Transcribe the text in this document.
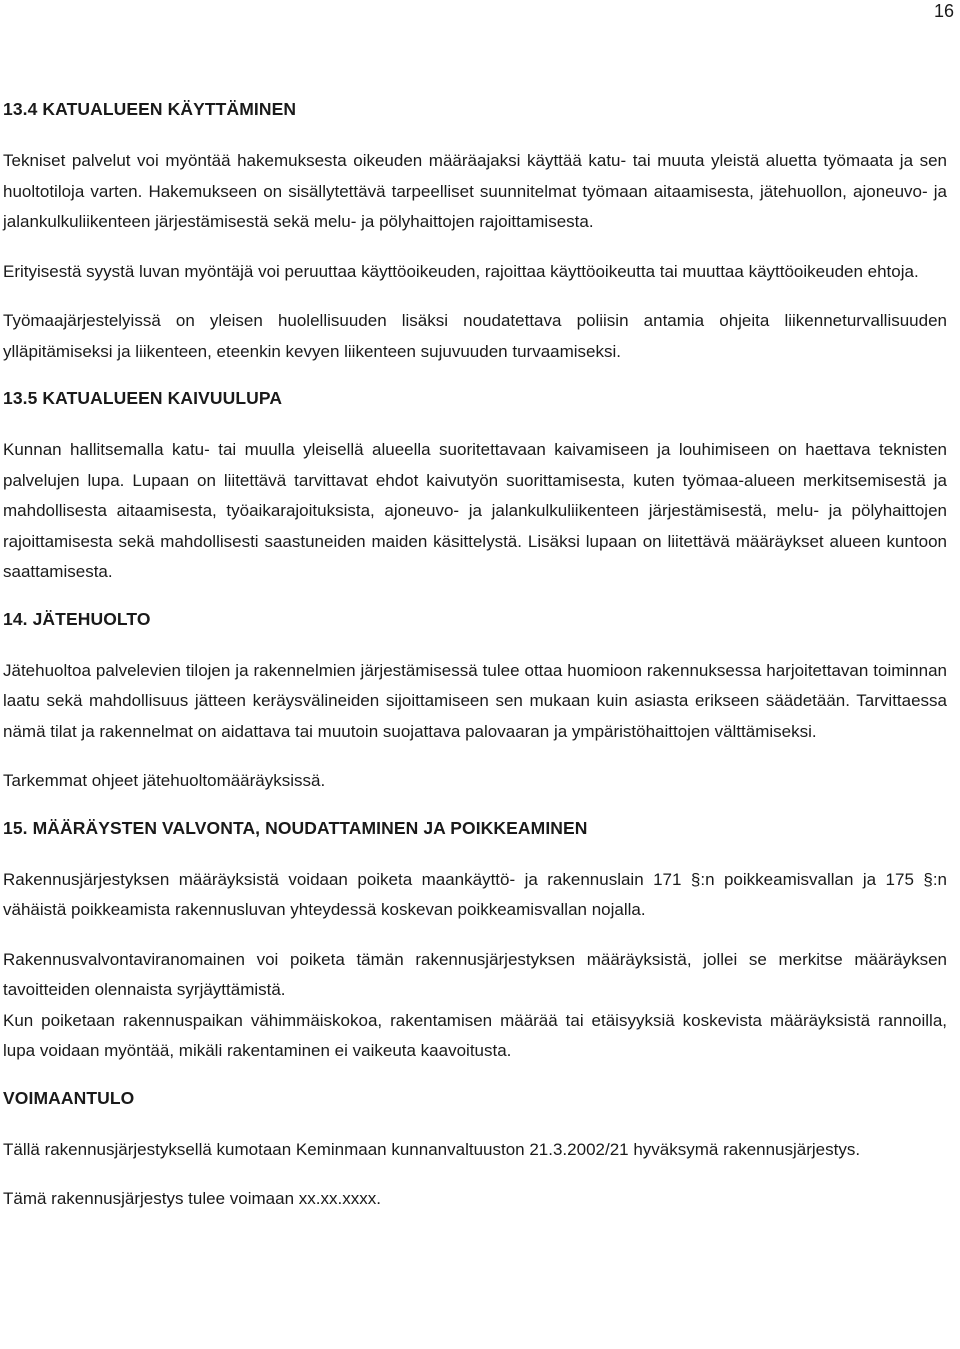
16
13.4 KATUALUEEN KÄYTTÄMINEN

Tekniset palvelut voi myöntää hakemuksesta oikeuden määräajaksi käyttää katu- tai muuta yleistä aluetta työmaata ja sen huoltotiloja varten. Hakemukseen on sisällytettävä tarpeelliset suunnitelmat työmaan aitaamisesta, jätehuollon, ajoneuvo- ja jalankulkuliikenteen järjestämisestä sekä melu- ja pölyhaittojen rajoittamisesta.

Erityisestä syystä luvan myöntäjä voi peruuttaa käyttöoikeuden, rajoittaa käyttöoikeutta tai muuttaa käyttöoikeuden ehtoja.

Työmaajärjestelyissä on yleisen huolellisuuden lisäksi noudatettava poliisin antamia ohjeita liikenneturvallisuuden ylläpitämiseksi ja liikenteen, eteenkin kevyen liikenteen sujuvuuden turvaamiseksi.

13.5 KATUALUEEN KAIVUULUPA

Kunnan hallitsemalla katu- tai muulla yleisellä alueella suoritettavaan kaivamiseen ja louhimiseen on haettava teknisten palvelujen lupa. Lupaan on liitettävä tarvittavat ehdot kaivutyön suorittamisesta, kuten työmaa-alueen merkitsemisestä ja mahdollisesta aitaamisesta, työaikarajoituksista, ajoneuvo- ja jalankulkuliikenteen järjestämisestä, melu- ja pölyhaittojen rajoittamisesta sekä mahdollisesti saastuneiden maiden käsittelystä. Lisäksi lupaan on liitettävä määräykset alueen kuntoon saattamisesta.

14. JÄTEHUOLTO

Jätehuoltoa palvelevien tilojen ja rakennelmien järjestämisessä tulee ottaa huomioon rakennuksessa harjoitettavan toiminnan laatu sekä mahdollisuus jätteen keräysvälineiden sijoittamiseen sen mukaan kuin asiasta erikseen säädetään. Tarvittaessa nämä tilat ja rakennelmat on aidattava tai muutoin suojattava palovaaran ja ympäristöhaittojen välttämiseksi.

Tarkemmat ohjeet jätehuoltomääräyksissä.

15. MÄÄRÄYSTEN VALVONTA, NOUDATTAMINEN JA POIKKEAMINEN

Rakennusjärjestyksen määräyksistä voidaan poiketa maankäyttö- ja rakennuslain 171 §:n poikkeamisvallan ja 175 §:n vähäistä poikkeamista rakennusluvan yhteydessä koskevan poikkeamisvallan nojalla.

Rakennusvalvontaviranomainen voi poiketa tämän rakennusjärjestyksen määräyksistä, jollei se merkitse määräyksen tavoitteiden olennaista syrjäyttämistä.

Kun poiketaan rakennuspaikan vähimmäiskokoa, rakentamisen määrää tai etäisyyksiä koskevista määräyksistä rannoilla, lupa voidaan myöntää, mikäli rakentaminen ei vaikeuta kaavoitusta.

VOIMAANTULO

Tällä rakennusjärjestyksellä kumotaan Keminmaan kunnanvaltuuston 21.3.2002/21 hyväksymä rakennusjärjestys.

Tämä rakennusjärjestys tulee voimaan xx.xx.xxxx.
